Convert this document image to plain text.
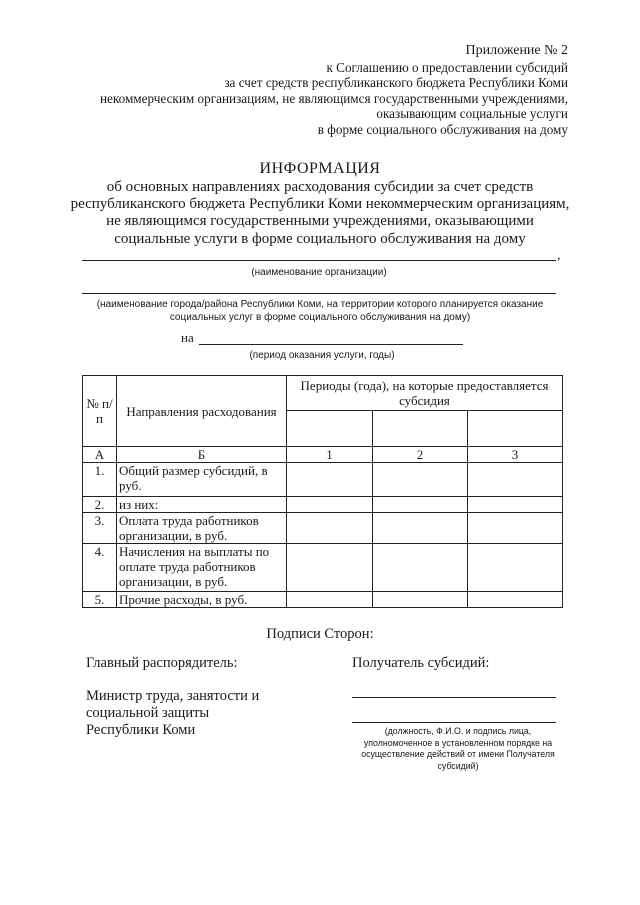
Приложение № 2
к Соглашению о предоставлении субсидий
за счет средств республиканского бюджета Республики Коми
некоммерческим организациям, не являющимся государственными учреждениями,
оказывающим социальные услуги
в форме социального обслуживания на дому
ИНФОРМАЦИЯ
об основных направлениях расходования субсидии за счет средств
республиканского бюджета Республики Коми некоммерческим организациям,
не являющимся государственными учреждениями, оказывающими
социальные услуги в форме социального обслуживания на дому
,
(наименование организации)
(наименование города/района Республики Коми, на территории которого планируется оказание
социальных услуг в форме социального обслуживания на дому)
на
(период оказания услуги, годы)
№ п/п	Направления расходования	Периоды (года), на которые предоставляется субсидия		

А	Б	1	2	3
1.	Общий размер субсидий, в руб.			
2.	из них:			
3.	Оплата труда работников организации, в руб.			
4.	Начисления на выплаты по оплате труда работников организации, в руб.			
5.	Прочие расходы, в руб.			
Подписи Сторон:
Главный распорядитель:
Министр труда, занятости и
социальной защиты
Республики Коми
Получатель субсидий:
(должность, Ф.И.О. и подпись лица, уполномоченное в установленном порядке на осуществление действий от имени Получателя субсидий)
